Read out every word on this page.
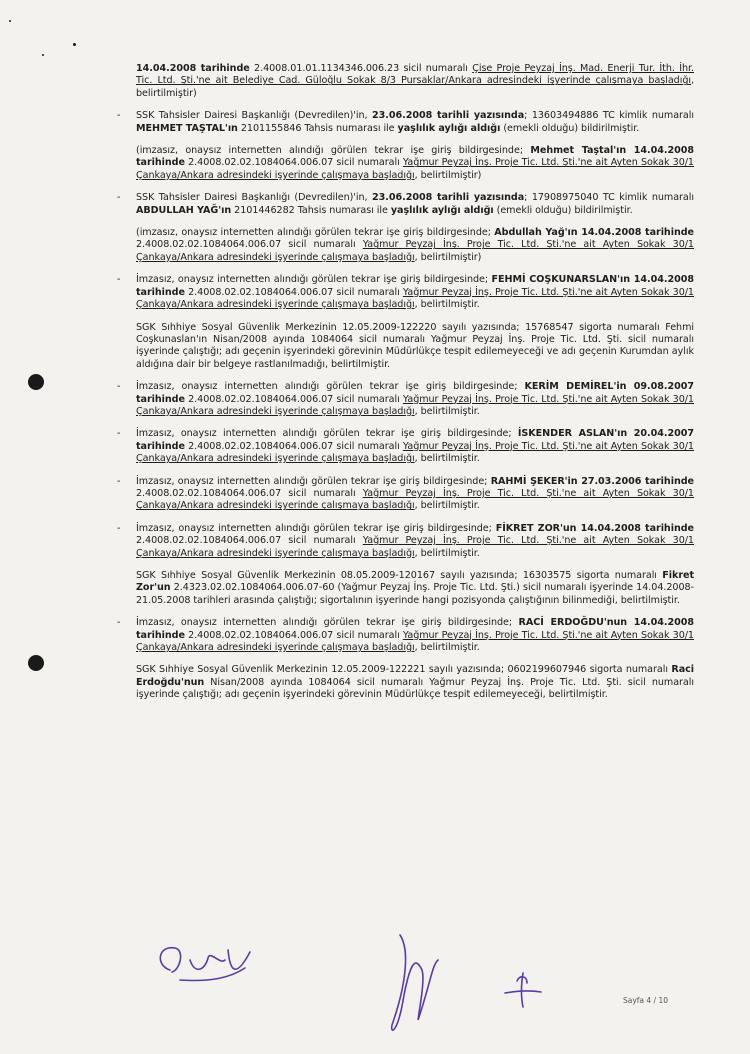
14.04.2008 tarihinde 2.4008.01.01.1134346.006.23 sicil numaralı Çise Proje Peyzaj İnş. Mad. Enerji Tur. İth. İhr. Tic. Ltd. Şti.'ne ait Belediye Cad. Güloğlu Sokak 8/3 Pursaklar/Ankara adresindeki işyerinde çalışmaya başladığı, belirtilmiştir)
-	SSK Tahsisler Dairesi Başkanlığı (Devredilen)'in, 23.06.2008 tarihli yazısında; 13603494886 TC kimlik numaralı MEHMET TAŞTAL'ın 2101155846 Tahsis numarası ile yaşlılık aylığı aldığı (emekli olduğu) bildirilmiştir.
(imzasız, onaysız internetten alındığı görülen tekrar işe giriş bildirgesinde; Mehmet Taştal'ın 14.04.2008 tarihinde 2.4008.02.02.1084064.006.07 sicil numaralı Yağmur Peyzaj İnş. Proje Tic. Ltd. Şti.'ne ait Ayten Sokak 30/1 Çankaya/Ankara adresindeki işyerinde çalışmaya başladığı, belirtilmiştir)
-	SSK Tahsisler Dairesi Başkanlığı (Devredilen)'in, 23.06.2008 tarihli yazısında; 17908975040 TC kimlik numaralı ABDULLAH YAĞ'ın 2101446282 Tahsis numarası ile yaşlılık aylığı aldığı (emekli olduğu) bildirilmiştir.
(imzasız, onaysız internetten alındığı görülen tekrar işe giriş bildirgesinde; Abdullah Yağ'ın 14.04.2008 tarihinde 2.4008.02.02.1084064.006.07 sicil numaralı Yağmur Peyzaj İnş. Proje Tic. Ltd. Şti.'ne ait Ayten Sokak 30/1 Çankaya/Ankara adresindeki işyerinde çalışmaya başladığı, belirtilmiştir)
-	İmzasız, onaysız internetten alındığı görülen tekrar işe giriş bildirgesinde; FEHMİ COŞKUNARSLAN'ın 14.04.2008 tarihinde 2.4008.02.02.1084064.006.07 sicil numaralı Yağmur Peyzaj İnş. Proje Tic. Ltd. Şti.'ne ait Ayten Sokak 30/1 Çankaya/Ankara adresindeki işyerinde çalışmaya başladığı, belirtilmiştir.
SGK Sıhhiye Sosyal Güvenlik Merkezinin 12.05.2009-122220 sayılı yazısında; 15768547 sigorta numaralı Fehmi Coşkunaslan'ın Nisan/2008 ayında 1084064 sicil numaralı Yağmur Peyzaj İnş. Proje Tic. Ltd. Şti. sicil numaralı işyerinde çalıştığı; adı geçenin işyerindeki görevinin Müdürlükçe tespit edilemeyeceği ve adı geçenin Kurumdan aylık aldığına dair bir belgeye rastlanılmadığı, belirtilmiştir.
-	İmzasız, onaysız internetten alındığı görülen tekrar işe giriş bildirgesinde; KERİM DEMİREL'in 09.08.2007 tarihinde 2.4008.02.02.1084064.006.07 sicil numaralı Yağmur Peyzaj İnş. Proje Tic. Ltd. Şti.'ne ait Ayten Sokak 30/1 Çankaya/Ankara adresindeki işyerinde çalışmaya başladığı, belirtilmiştir.
-	İmzasız, onaysız internetten alındığı görülen tekrar işe giriş bildirgesinde; İSKENDER ASLAN'ın 20.04.2007 tarihinde 2.4008.02.02.1084064.006.07 sicil numaralı Yağmur Peyzaj İnş. Proje Tic. Ltd. Şti.'ne ait Ayten Sokak 30/1 Çankaya/Ankara adresindeki işyerinde çalışmaya başladığı, belirtilmiştir.
-	İmzasız, onaysız internetten alındığı görülen tekrar işe giriş bildirgesinde; RAHMİ ŞEKER'in 27.03.2006 tarihinde 2.4008.02.02.1084064.006.07 sicil numaralı Yağmur Peyzaj İnş. Proje Tic. Ltd. Şti.'ne ait Ayten Sokak 30/1 Çankaya/Ankara adresindeki işyerinde çalışmaya başladığı, belirtilmiştir.
-	İmzasız, onaysız internetten alındığı görülen tekrar işe giriş bildirgesinde; FİKRET ZOR'un 14.04.2008 tarihinde 2.4008.02.02.1084064.006.07 sicil numaralı Yağmur Peyzaj İnş. Proje Tic. Ltd. Şti.'ne ait Ayten Sokak 30/1 Çankaya/Ankara adresindeki işyerinde çalışmaya başladığı, belirtilmiştir.
SGK Sıhhiye Sosyal Güvenlik Merkezinin 08.05.2009-120167 sayılı yazısında; 16303575 sigorta numaralı Fikret Zor'un 2.4323.02.02.1084064.006.07-60 (Yağmur Peyzaj İnş. Proje Tic. Ltd. Şti.) sicil numaralı işyerinde 14.04.2008-21.05.2008 tarihleri arasında çalıştığı; sigortalının işyerinde hangi pozisyonda çalıştığının bilinmediği, belirtilmiştir.
-	İmzasız, onaysız internetten alındığı görülen tekrar işe giriş bildirgesinde; RACİ ERDOĞDU'nun 14.04.2008 tarihinde 2.4008.02.02.1084064.006.07 sicil numaralı Yağmur Peyzaj İnş. Proje Tic. Ltd. Şti.'ne ait Ayten Sokak 30/1 Çankaya/Ankara adresindeki işyerinde çalışmaya başladığı, belirtilmiştir.
SGK Sıhhiye Sosyal Güvenlik Merkezinin 12.05.2009-122221 sayılı yazısında; 0602199607946 sigorta numaralı Raci Erdoğdu'nun Nisan/2008 ayında 1084064 sicil numaralı Yağmur Peyzaj İnş. Proje Tic. Ltd. Şti. sicil numaralı işyerinde çalıştığı; adı geçenin işyerindeki görevinin Müdürlükçe tespit edilemeyeceği, belirtilmiştir.
Sayfa 4 / 10
